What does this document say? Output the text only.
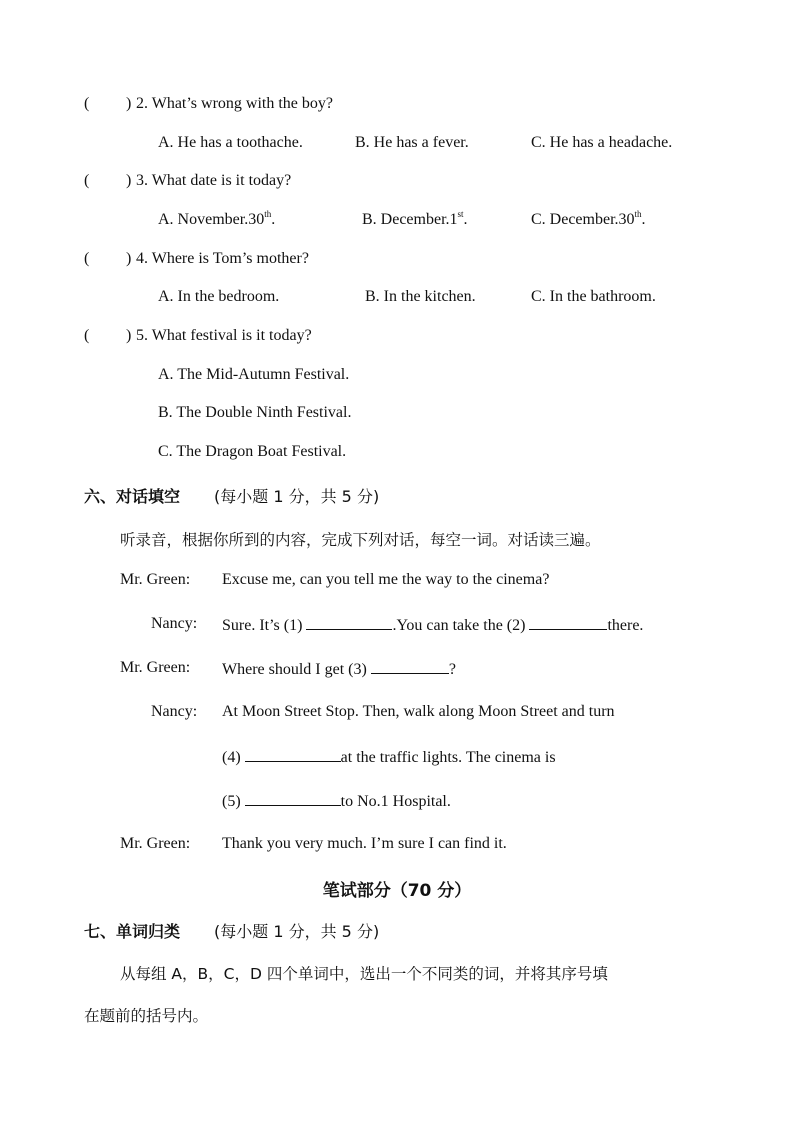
( ) 2. What’s wrong with the boy?
A. He has a toothache.	B. He has a fever.	C. He has a headache.
( ) 3. What date is it today?
A. November.30th.	B. December.1st.	C. December.30th.
( ) 4. Where is Tom’s mother?
A. In the bedroom.	B. In the kitchen.	C. In the bathroom.
( ) 5. What festival is it today?
A. The Mid-Autumn Festival.
B. The Double Ninth Festival.
C. The Dragon Boat Festival.
六、对话填空 (每小题 1 分，共 5 分)
听录音，根据你所到的内容，完成下列对话，每空一词。对话读三遍。
Mr. Green: Excuse me, can you tell me the way to the cinema?
Nancy: Sure. It’s (1)	.You can take the (2)	there.
Mr. Green: Where should I get (3)	?
Nancy: At Moon Street Stop. Then, walk along Moon Street and turn
(4)	at the traffic lights. The cinema is
(5)	to No.1 Hospital.
Mr. Green: Thank you very much. I’m sure I can find it.
笔试部分（70 分）
七、单词归类 (每小题 1 分，共 5 分)
从每组 A，B，C，D 四个单词中，选出一个不同类的词，并将其序号填
在题前的括号内。
